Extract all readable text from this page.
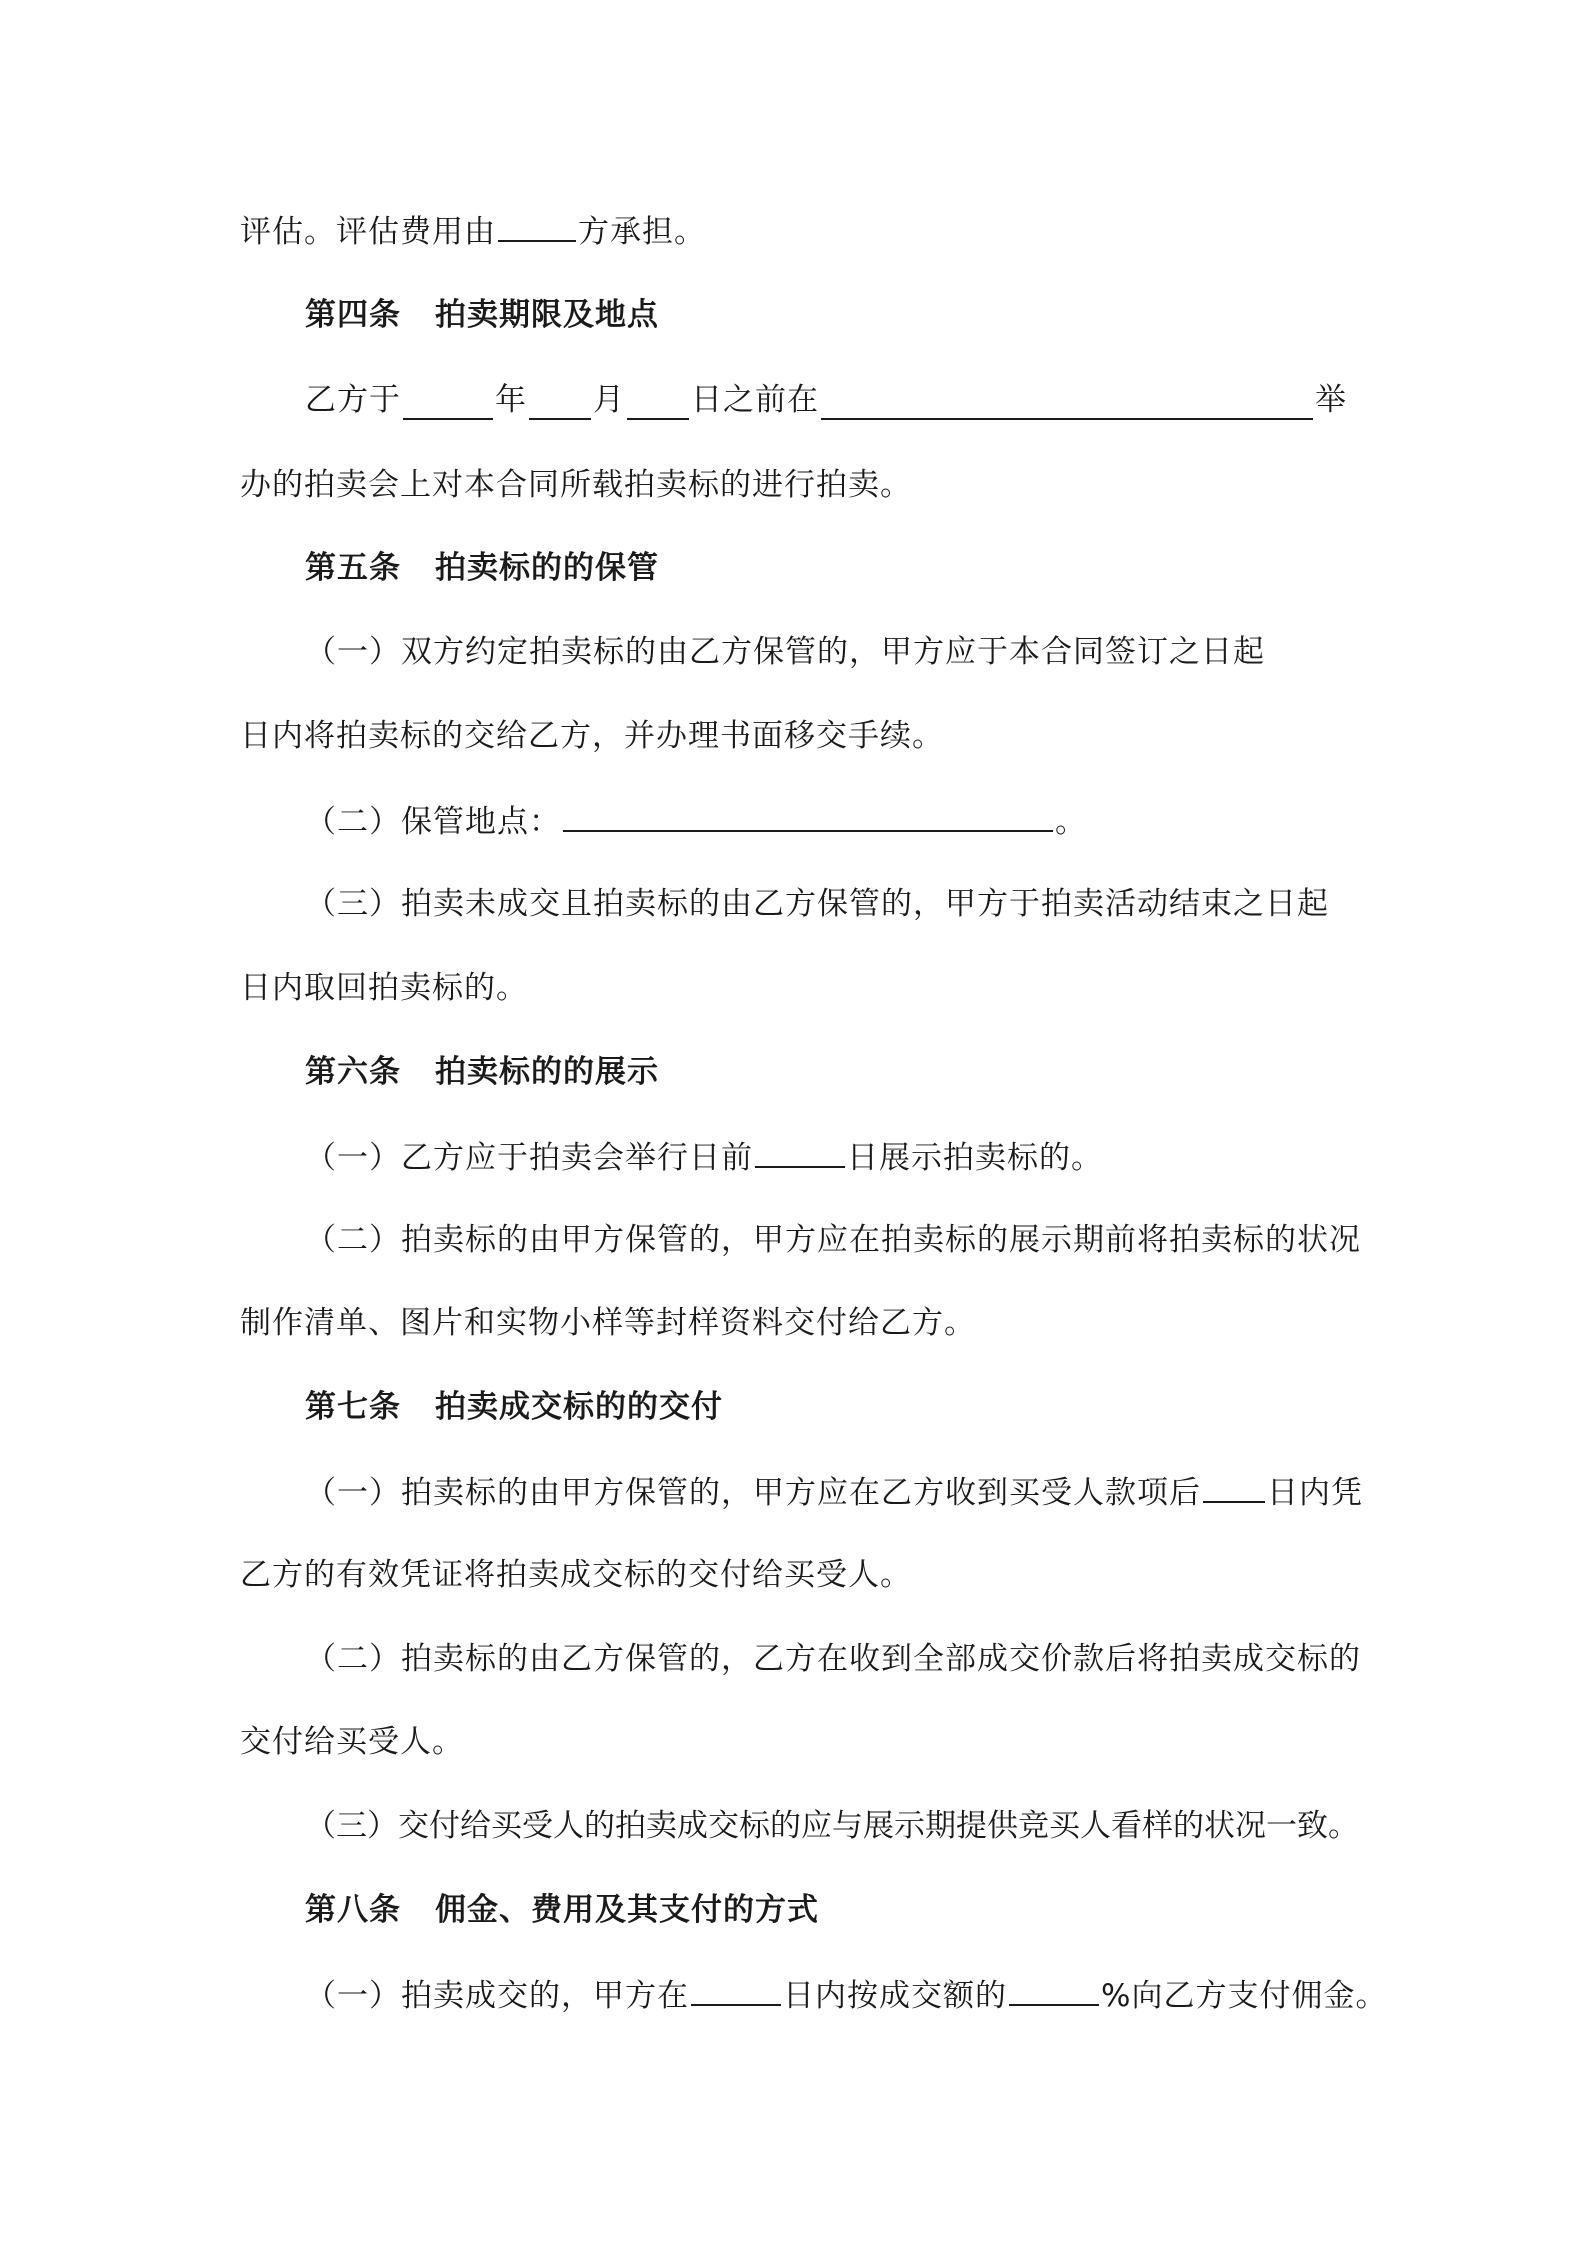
评估。评估费用由	方承担。
第四条 拍卖期限及地点
乙方于	年 月 日之前在	举
办的拍卖会上对本合同所载拍卖标的进行拍卖。
第五条 拍卖标的的保管
（一）双方约定拍卖标的由乙方保管的，甲方应于本合同签订之日起
日内将拍卖标的交给乙方，并办理书面移交手续。
（二）保管地点：	。
（三）拍卖未成交且拍卖标的由乙方保管的，甲方于拍卖活动结束之日起
日内取回拍卖标的。
第六条 拍卖标的的展示
（一）乙方应于拍卖会举行日前	日展示拍卖标的。
（二）拍卖标的由甲方保管的，甲方应在拍卖标的展示期前将拍卖标的状况
制作清单、图片和实物小样等封样资料交付给乙方。
第七条 拍卖成交标的的交付
（一）拍卖标的由甲方保管的，甲方应在乙方收到买受人款项后 日内凭
乙方的有效凭证将拍卖成交标的交付给买受人。
（二）拍卖标的由乙方保管的，乙方在收到全部成交价款后将拍卖成交标的
交付给买受人。
（三）交付给买受人的拍卖成交标的应与展示期提供竞买人看样的状况一致。
第八条 佣金、费用及其支付的方式
（一）拍卖成交的，甲方在	日内按成交额的	%向乙方支付佣金。
